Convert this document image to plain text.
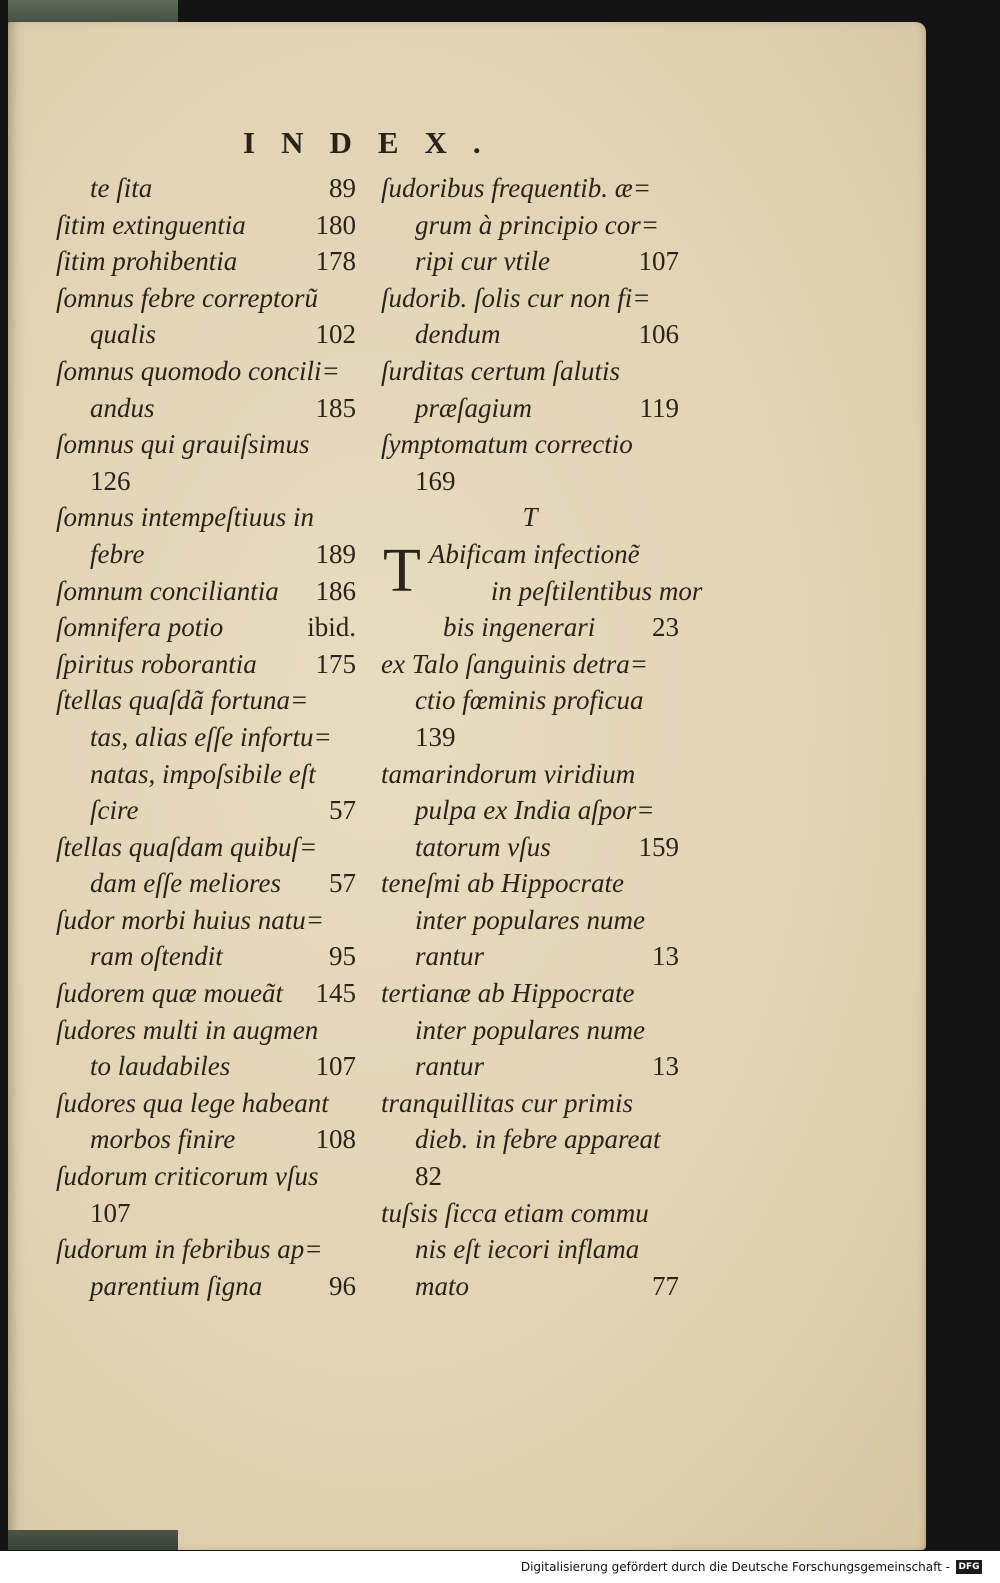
INDEX.
te ſita	89
ſitim extinguentia	180
ſitim prohibentia	178
ſomnus febre correptorũ
qualis	102
ſomnus quomodo concili=
andus	185
ſomnus qui grauiſsimus
126
ſomnus intempeſtiuus in
febre	189
ſomnum conciliantia 186
ſomnifera potio	ibid.
ſpiritus roborantia 175
ſtellas quaſdã fortuna=
tas, alias eſſe infortu=
natas, impoſsibile eſt
ſcire	57
ſtellas quaſdam quibuſ=
dam eſſe meliores 57
ſudor morbi huius natu=
ram oſtendit	95
ſudorem quæ moueãt 145
ſudores multi in augmen
to laudabiles	107
ſudores qua lege habeant
morbos finire	108
ſudorum criticorum vſus
107
ſudorum in febribus ap=
parentium ſigna 96
ſudoribus frequentib. æ=
grum à principio cor=
ripi cur vtile	107
ſudorib. ſolis cur non fi=
dendum	106
ſurditas certum ſalutis
præſagium	119
ſymptomatum correctio
169
T
T Abificam infectionẽ
in peſtilentibus mor
bis ingenerari 23
ex Talo ſanguinis detra=
ctio fœminis proficua
139
tamarindorum viridium
pulpa ex India aſpor=
tatorum vſus	159
teneſmi ab Hippocrate
inter populares nume
rantur	13
tertianæ ab Hippocrate
inter populares nume
rantur	13
tranquillitas cur primis
dieb. in febre appareat
82
tuſsis ſicca etiam commu
nis eſt iecori inflama
mato	77
Digitalisierung gefördert durch die Deutsche Forschungsgemeinschaft - DFG
